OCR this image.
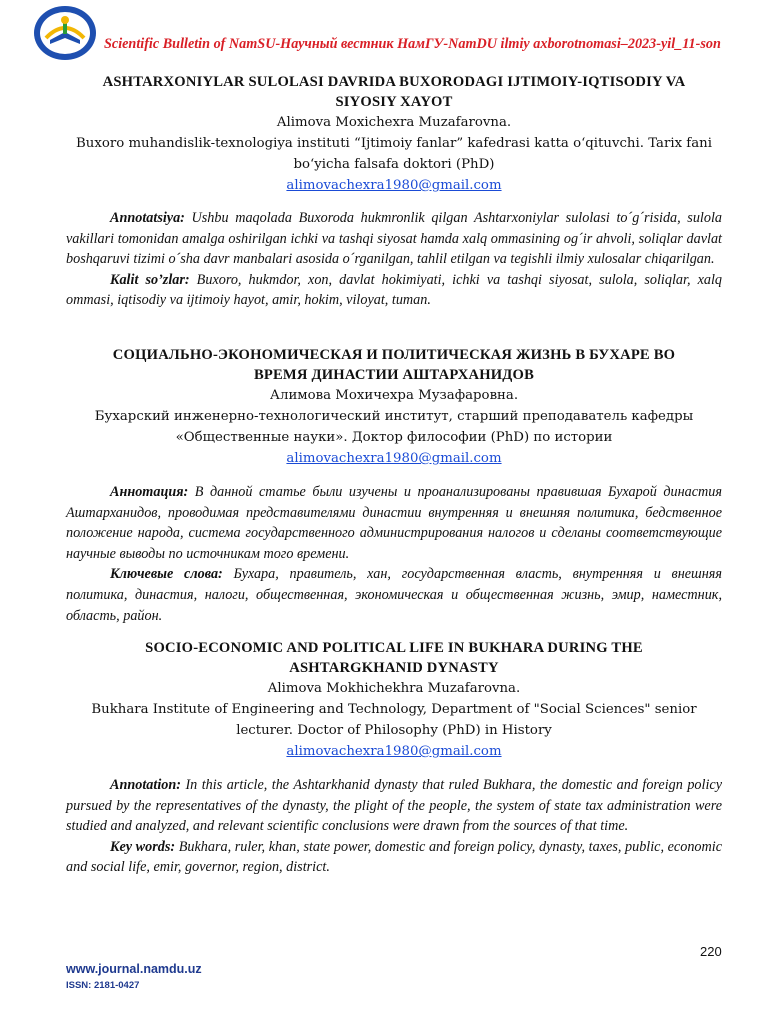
Scientific Bulletin of NamSU-Научный вестник НамГУ-NamDU ilmiy axborotnomasi–2023-yil_11-son

ASHTARXONIYLAR SULOLASI DAVRIDA BUXORODAGI IJTIMOIY-IQTISODIY VA

SIYOSIY XAYOT

Alimova Moxichexra Muzafarovna.

Buxoro muhandislik-texnologiya instituti “Ijtimoiy fanlar” kafedrasi katta o‘qituvchi. Tarix fani

bo‘yicha falsafa doktori (PhD)

alimovachexra1980@gmail.com

Annotatsiya: Ushbu maqolada Buxoroda hukmronlik qilgan Ashtarxoniylar sulolasi to´g´risida, sulola vakillari tomonidan amalga oshirilgan ichki va tashqi siyosat hamda xalq ommasining og´ir ahvoli, soliqlar davlat boshqaruvi tizimi o´sha davr manbalari asosida o´rganilgan, tahlil etilgan va tegishli ilmiy xulosalar chiqarilgan.

Kalit so’zlar: Buxoro, hukmdor, xon, davlat hokimiyati, ichki va tashqi siyosat, sulola, soliqlar, xalq ommasi, iqtisodiy va ijtimoiy hayot, amir, hokim, viloyat, tuman.

СОЦИАЛЬНО-ЭКОНОМИЧЕСКАЯ И ПОЛИТИЧЕСКАЯ ЖИЗНЬ В БУХАРЕ ВО

ВРЕМЯ ДИНАСТИИ АШТАРХАНИДОВ

Алимова Мохичехра Музафаровна.

Бухарский инженерно-технологический институт, старший преподаватель кафедры

«Общественные науки». Доктор философии (PhD) по истории

alimovachexra1980@gmail.com

Аннотация: В данной статье были изучены и проанализированы правившая Бухарой династия Аштарханидов, проводимая представителями династии внутренняя и внешняя политика, бедственное положение народа, система государственного администрирования налогов и сделаны соответствующие научные выводы по источникам того времени.

Ключевые слова: Бухара, правитель, хан, государственная власть, внутренняя и внешняя политика, династия, налоги, общественная, экономическая и общественная жизнь, эмир, наместник, область, район.

SOCIO-ECONOMIC AND POLITICAL LIFE IN BUKHARA DURING THE

ASHTARGKHANID DYNASTY

Alimova Mokhichekhra Muzafarovna.

Bukhara Institute of Engineering and Technology, Department of "Social Sciences" senior

lecturer. Doctor of Philosophy (PhD) in History

alimovachexra1980@gmail.com

Annotation: In this article, the Ashtarkhanid dynasty that ruled Bukhara, the domestic and foreign policy pursued by the representatives of the dynasty, the plight of the people, the system of state tax administration were studied and analyzed, and relevant scientific conclusions were drawn from the sources of that time.

Key words: Bukhara, ruler, khan, state power, domestic and foreign policy, dynasty, taxes, public, economic and social life, emir, governor, region, district.

220
www.journal.namdu.uz
ISSN: 2181-0427
